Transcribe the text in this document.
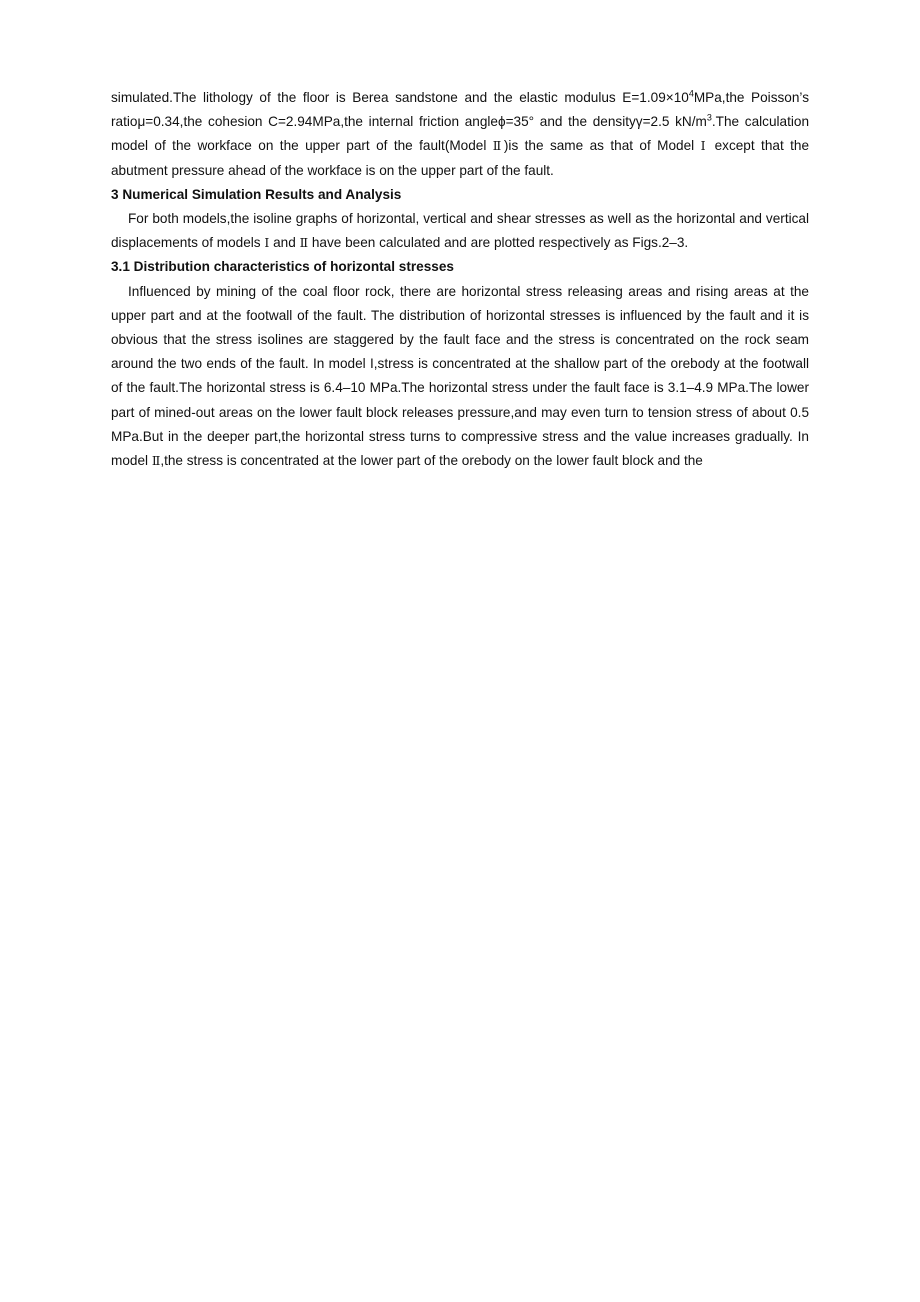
simulated.The lithology of the floor is Berea sandstone and the elastic modulus $E=1.09\times 10^4MPa,the$ Poisson’s ratioμ=0.34,the cohesion C=2.94MPa,the internal friction angleϕ=35° and the densityγ=2.5 $kN/m^3.The$ calculation model of the workface on the upper part of the fault(Model Ⅱ)is the same as that of Model Ⅰ except that the abutment pressure ahead of the workface is on the upper part of the fault.

3 Numerical Simulation Results and Analysis

For both models,the isoline graphs of horizontal, vertical and shear stresses as well as the horizontal and vertical displacements of models Ⅰ and Ⅱ have been calculated and are plotted respectively as Figs.2–3.

3.1 Distribution characteristics of horizontal stresses

Influenced by mining of the coal floor rock, there are horizontal stress releasing areas and rising areas at the upper part and at the footwall of the fault. The distribution of horizontal stresses is influenced by the fault and it is obvious that the stress isolines are staggered by the fault face and the stress is concentrated on the rock seam around the two ends of the fault. In model I,stress is concentrated at the shallow part of the orebody at the footwall of the fault.The horizontal stress is 6.4–10 MPa.The horizontal stress under the fault face is 3.1–4.9 MPa.The lower part of mined-out areas on the lower fault block releases pressure,and may even turn to tension stress of about 0.5 MPa.But in the deeper part,the horizontal stress turns to compressive stress and the value increases gradually. In model Ⅱ,the stress is concentrated at the lower part of the orebody on the lower fault block and the
